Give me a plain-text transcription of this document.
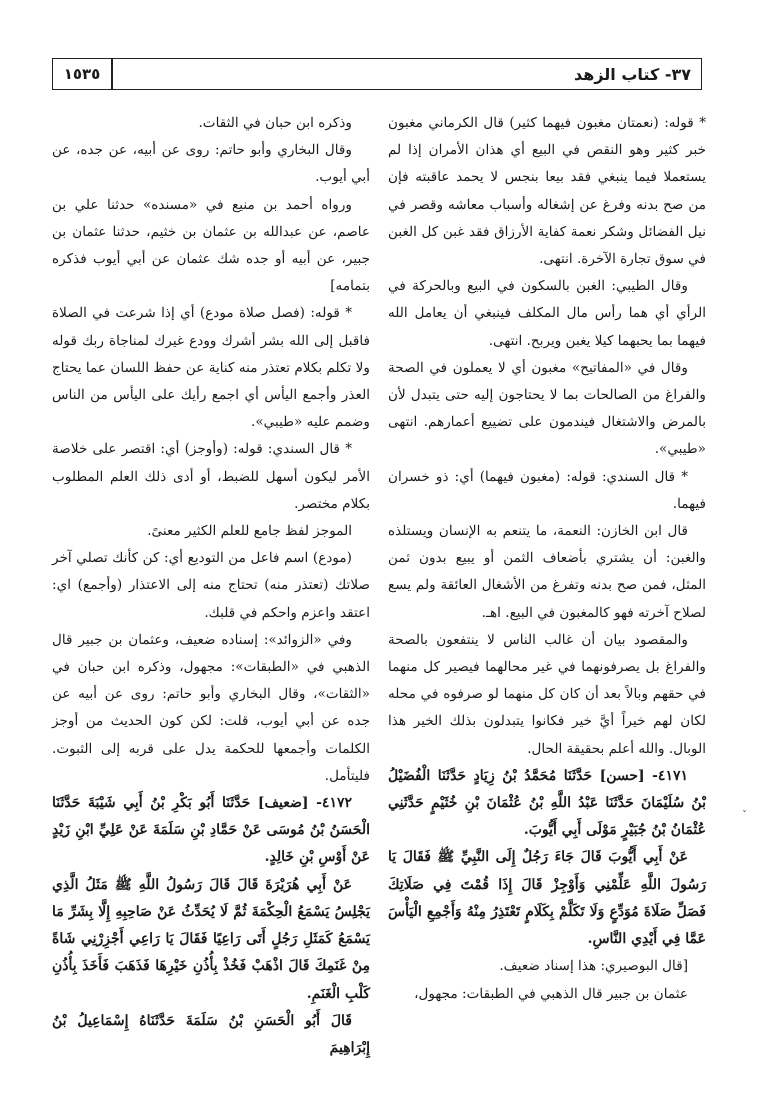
١٥٣٥	٣٧- كتاب الزهد

* قوله: (نعمتان مغبون فيهما كثير) قال الكرماني مغبون خبر كثير وهو النقص في البيع أي هذان الأمران إذا لم يستعملا فيما ينبغي فقد بيعا بنجس لا يحمد عاقبته فإن من صح بدنه وفرغ عن إشغاله وأسباب معاشه وقصر في نيل الفضائل وشكر نعمة كفاية الأرزاق فقد غبن كل الغبن في سوق تجارة الآخرة. انتهى.

وقال الطيبي: الغبن بالسكون في البيع وبالحركة في الرأي أي هما رأس مال المكلف فينبغي أن يعامل الله فيهما بما يحبهما كيلا يغبن ويربح. انتهى.

وقال في «المفاتيح» مغبون أي لا يعملون في الصحة والفراغ من الصالحات بما لا يحتاجون إليه حتى يتبدل لأن بالمرض والاشتغال فيندمون على تضييع أعمارهم. انتهى «طيبي».

* قال السندي: قوله: (مغبون فيهما) أي: ذو خسران فيهما.

قال ابن الخازن: النعمة، ما يتنعم به الإنسان ويستلذه والغبن: أن يشتري بأضعاف الثمن أو يبيع بدون ثمن المثل، فمن صح بدنه وتفرغ من الأشغال العائقة ولم يسع لصلاح آخرته فهو كالمغبون في البيع. اهـ.

والمقصود بيان أن غالب الناس لا ينتفعون بالصحة والفراغ بل يصرفونهما في غير محالهما فيصير كل منهما في حقهم وبالاً بعد أن كان كل منهما لو صرفوه في محله لكان لهم خيراً أيَّ خير فكانوا يتبدلون بذلك الخير هذا الوبال. والله أعلم بحقيقة الحال.

٤١٧١- [حسن] حَدَّثَنَا مُحَمَّدُ بْنُ زِيَادٍ حَدَّثَنَا الْفُضَيْلُ بْنُ سُلَيْمَانَ حَدَّثَنَا عَبْدُ اللَّهِ بْنُ عُثْمَانَ بْنِ خُثَيْمٍ حَدَّثَنِي عُثْمَانُ بْنُ جُبَيْرٍ مَوْلَى أَبِي أَيُّوبَ.

عَنْ أَبِي أَيُّوبَ قَالَ جَاءَ رَجُلٌ إِلَى النَّبِيِّ ﷺ فَقَالَ يَا رَسُولَ اللَّهِ عَلِّمْنِي وَأَوْجِزْ قَالَ إِذَا قُمْتَ فِي صَلَاتِكَ فَصَلِّ صَلَاةَ مُوَدِّعٍ وَلَا تَكَلَّمْ بِكَلَامٍ تَعْتَذِرُ مِنْهُ وَأَجْمِعِ الْيَأْسَ عَمَّا فِي أَيْدِي النَّاسِ.

[قال البوصيري: هذا إسناد ضعيف.

عثمان بن جبير قال الذهبي في الطبقات: مجهول،

وذكره ابن حبان في الثقات.

وقال البخاري وأبو حاتم: روى عن أبيه، عن جده، عن أبي أيوب.

ورواه أحمد بن منيع في «مسنده» حدثنا علي بن عاصم، عن عبدالله بن عثمان بن خثيم، حدثنا عثمان بن جبير، عن أبيه أو جده شك عثمان عن أبي أيوب فذكره بتمامه]

* قوله: (فصل صلاة مودع) أي إذا شرعت في الصلاة فاقبل إلى الله بشر أشرك وودع غيرك لمناجاة ربك قوله ولا تكلم بكلام تعتذر منه كناية عن حفظ اللسان عما يحتاج العذر وأجمع اليأس أي اجمع رأيك على اليأس من الناس وضمم عليه «طيبي».

* قال السندي: قوله: (وأوجز) أي: اقتصر على خلاصة الأمر ليكون أسهل للضبط، أو أدى ذلك العلم المطلوب بكلام مختصر.

الموجز لفظ جامع للعلم الكثير معنىً.

(مودع) اسم فاعل من التوديع أي: كن كأنك تصلي آخر صلاتك (تعتذر منه) تحتاج منه إلى الاعتذار (وأجمع) اي: اعتقد واعزم واحكم في قلبك.

وفي «الزوائد»: إسناده ضعيف، وعثمان بن جبير قال الذهبي في «الطبقات»: مجهول، وذكره ابن حبان في «الثقات»، وقال البخاري وأبو حاتم: روى عن أبيه عن جده عن أبي أيوب، قلت: لكن كون الحديث من أوجز الكلمات وأجمعها للحكمة يدل على قربه إلى الثبوت. فليتأمل.

٤١٧٢- [ضعيف] حَدَّثَنَا أَبُو بَكْرِ بْنُ أَبِي شَيْبَةَ حَدَّثَنَا الْحَسَنُ بْنُ مُوسَى عَنْ حَمَّادِ بْنِ سَلَمَةَ عَنْ عَلِيِّ ابْنِ زَيْدٍ عَنْ أَوْسِ بْنِ خَالِدٍ.

عَنْ أَبِي هُرَيْرَةَ قَالَ قَالَ رَسُولُ اللَّهِ ﷺ مَثَلُ الَّذِي يَجْلِسُ يَسْمَعُ الْحِكْمَةَ ثُمَّ لَا يُحَدِّثُ عَنْ صَاحِبِهِ إِلَّا بِشَرِّ مَا يَسْمَعُ كَمَثَلِ رَجُلٍ أَتَى رَاعِيًا فَقَالَ يَا رَاعِي أَجْزِرْنِي شَاةً مِنْ غَنَمِكَ قَالَ اذْهَبْ فَخُذْ بِأُذُنِ خَيْرِهَا فَذَهَبَ فَأَخَذَ بِأُذُنِ كَلْبِ الْغَنَمِ.

قَالَ أَبُو الْحَسَنِ بْنُ سَلَمَةَ حَدَّثَنَاهُ إِسْمَاعِيلُ بْنُ إِبْرَاهِيمَ

ˇ
